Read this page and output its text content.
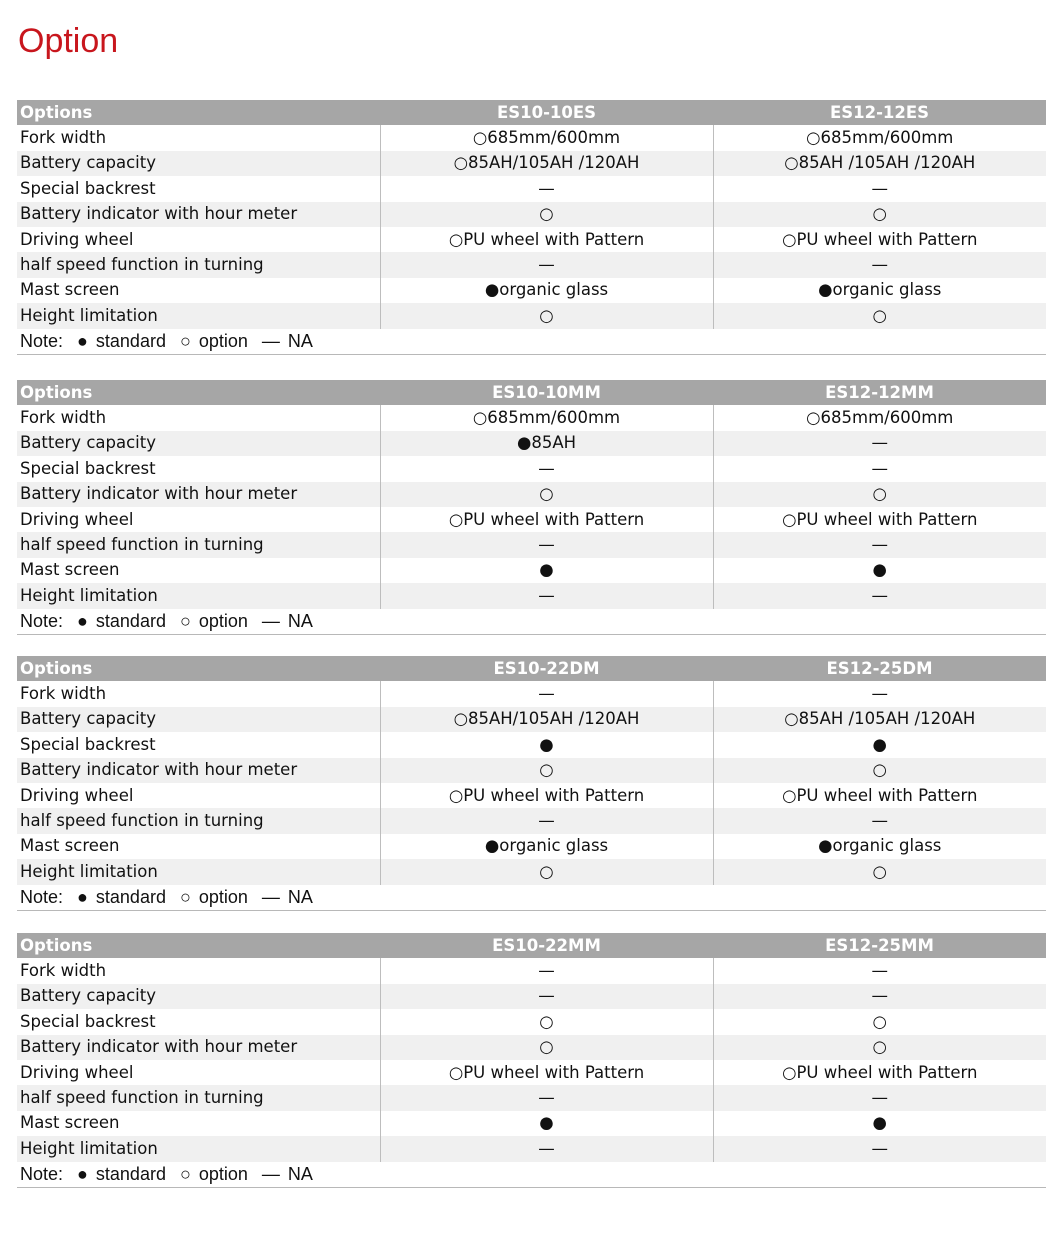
Option
Options	ES10-10ES	ES12-12ES
Fork width	○685mm/600mm	○685mm/600mm
Battery capacity	○85AH/105AH /120AH	○85AH /105AH /120AH
Special backrest	—	—
Battery indicator with hour meter	○	○
Driving wheel	○PU wheel with Pattern	○PU wheel with Pattern
half speed function in turning	—	—
Mast screen	●organic glass	●organic glass
Height limitation	○	○
Note: ● standard ○ option — NA		
Options	ES10-10MM	ES12-12MM
Fork width	○685mm/600mm	○685mm/600mm
Battery capacity	●85AH	—
Special backrest	—	—
Battery indicator with hour meter	○	○
Driving wheel	○PU wheel with Pattern	○PU wheel with Pattern
half speed function in turning	—	—
Mast screen	●	●
Height limitation	—	—
Note: ● standard ○ option — NA		
Options	ES10-22DM	ES12-25DM
Fork width	—	—
Battery capacity	○85AH/105AH /120AH	○85AH /105AH /120AH
Special backrest	●	●
Battery indicator with hour meter	○	○
Driving wheel	○PU wheel with Pattern	○PU wheel with Pattern
half speed function in turning	—	—
Mast screen	●organic glass	●organic glass
Height limitation	○	○
Note: ● standard ○ option — NA		
Options	ES10-22MM	ES12-25MM
Fork width	—	—
Battery capacity	—	—
Special backrest	○	○
Battery indicator with hour meter	○	○
Driving wheel	○PU wheel with Pattern	○PU wheel with Pattern
half speed function in turning	—	—
Mast screen	●	●
Height limitation	—	—
Note: ● standard ○ option — NA		
